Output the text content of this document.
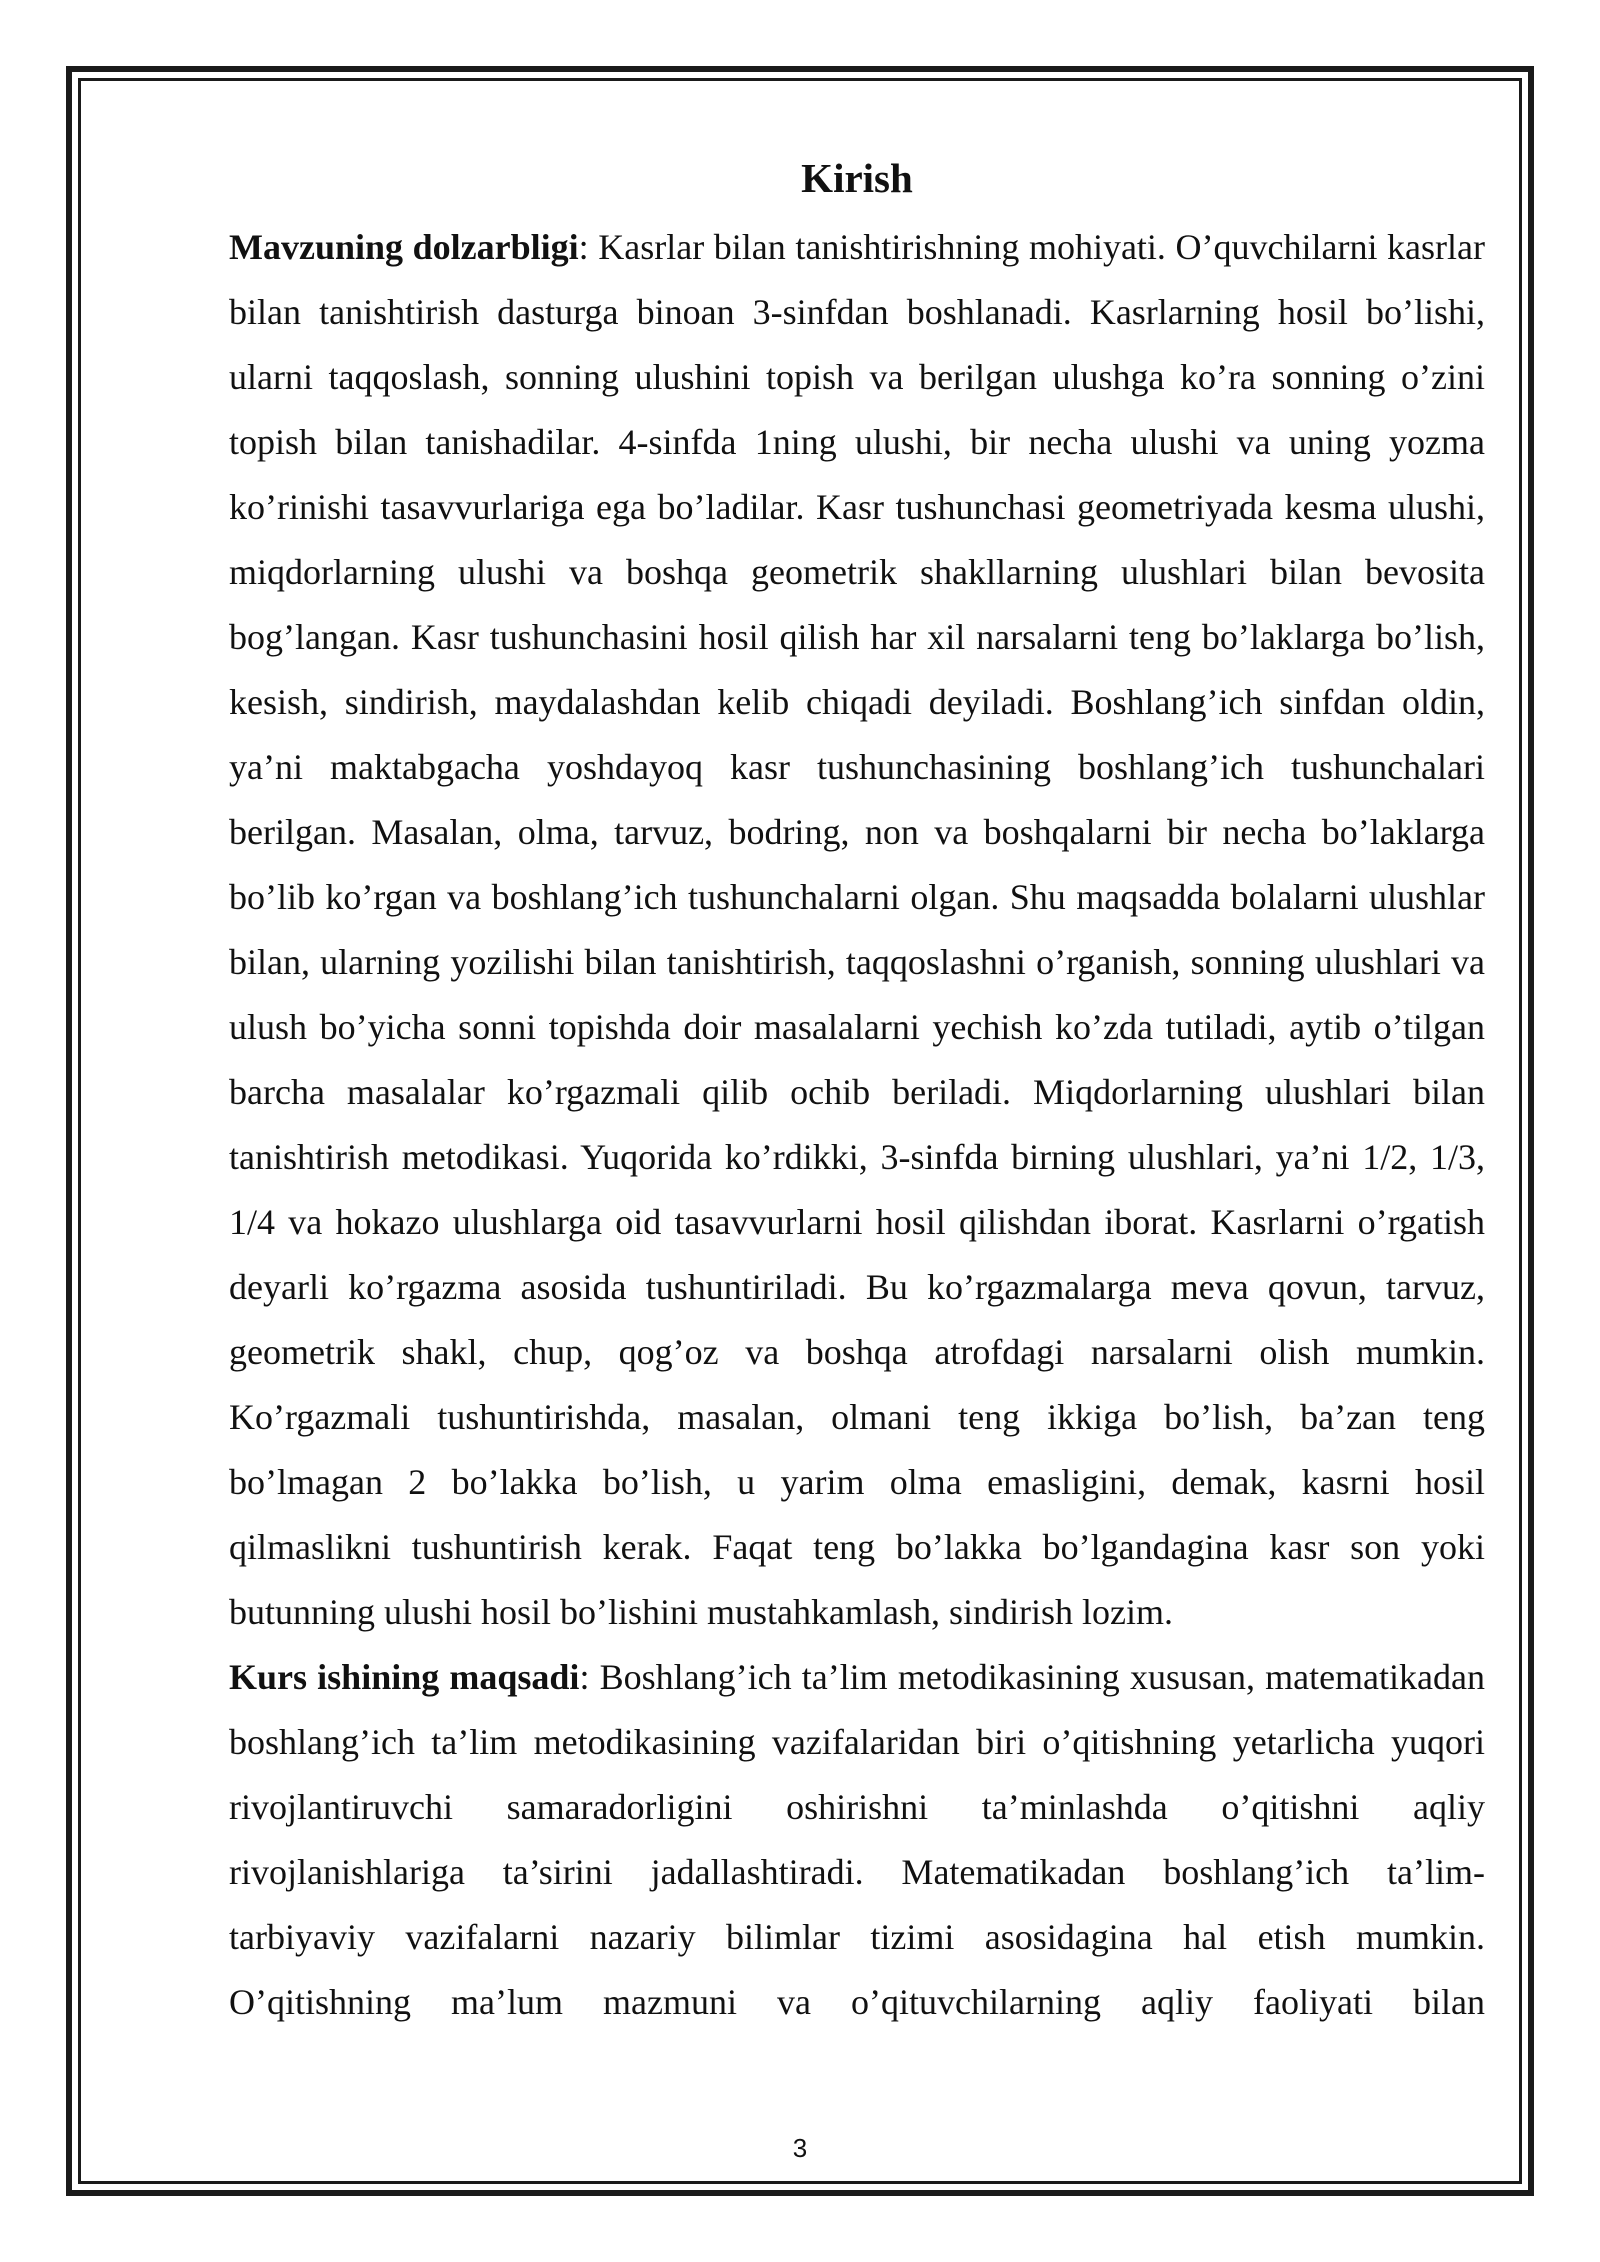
Kirish

Mavzuning dolzarbligi: Kasrlar bilan tanishtirishning mohiyati. O’quvchilarni kasrlar bilan tanishtirish dasturga binoan 3-sinfdan boshlanadi. Kasrlarning hosil bo’lishi, ularni taqqoslash, sonning ulushini topish va berilgan ulushga ko’ra sonning o’zini topish bilan tanishadilar. 4-sinfda 1ning ulushi, bir necha ulushi va uning yozma ko’rinishi tasavvurlariga ega bo’ladilar. Kasr tushunchasi geometriyada kesma ulushi, miqdorlarning ulushi va boshqa geometrik shakllarning ulushlari bilan bevosita bog’langan. Kasr tushunchasini hosil qilish har xil narsalarni teng bo’laklarga bo’lish, kesish, sindirish, maydalashdan kelib chiqadi deyiladi. Boshlang’ich sinfdan oldin, ya’ni maktabgacha yoshdayoq kasr tushunchasining boshlang’ich tushunchalari berilgan. Masalan, olma, tarvuz, bodring, non va boshqalarni bir necha bo’laklarga bo’lib ko’rgan va boshlang’ich tushunchalarni olgan. Shu maqsadda bolalarni ulushlar bilan, ularning yozilishi bilan tanishtirish, taqqoslashni o’rganish, sonning ulushlari va ulush bo’yicha sonni topishda doir masalalarni yechish ko’zda tutiladi, aytib o’tilgan barcha masalalar ko’rgazmali qilib ochib beriladi. Miqdorlarning ulushlari bilan tanishtirish metodikasi. Yuqorida ko’rdikki, 3-sinfda birning ulushlari, ya’ni 1/2, 1/3, 1/4 va hokazo ulushlarga oid tasavvurlarni hosil qilishdan iborat. Kasrlarni o’rgatish deyarli ko’rgazma asosida tushuntiriladi. Bu ko’rgazmalarga meva qovun, tarvuz, geometrik shakl, chup, qog’oz va boshqa atrofdagi narsalarni olish mumkin. Ko’rgazmali tushuntirishda, masalan, olmani teng ikkiga bo’lish, ba’zan teng bo’lmagan 2 bo’lakka bo’lish, u yarim olma emasligini, demak, kasrni hosil qilmaslikni tushuntirish kerak. Faqat teng bo’lakka bo’lgandagina kasr son yoki butunning ulushi hosil bo’lishini mustahkamlash, sindirish lozim.

Kurs ishining maqsadi: Boshlang’ich ta’lim metodikasining xususan, matematikadan boshlang’ich ta’lim metodikasining vazifalaridan biri o’qitishning yetarlicha yuqori rivojlantiruvchi samaradorligini oshirishni ta’minlashda o’qitishni aqliy rivojlanishlariga ta’sirini jadallashtiradi. Matematikadan boshlang’ich ta’lim-tarbiyaviy vazifalarni nazariy bilimlar tizimi asosidagina hal etish mumkin. O’qitishning ma’lum mazmuni va o’qituvchilarning aqliy faoliyati bilan

3
